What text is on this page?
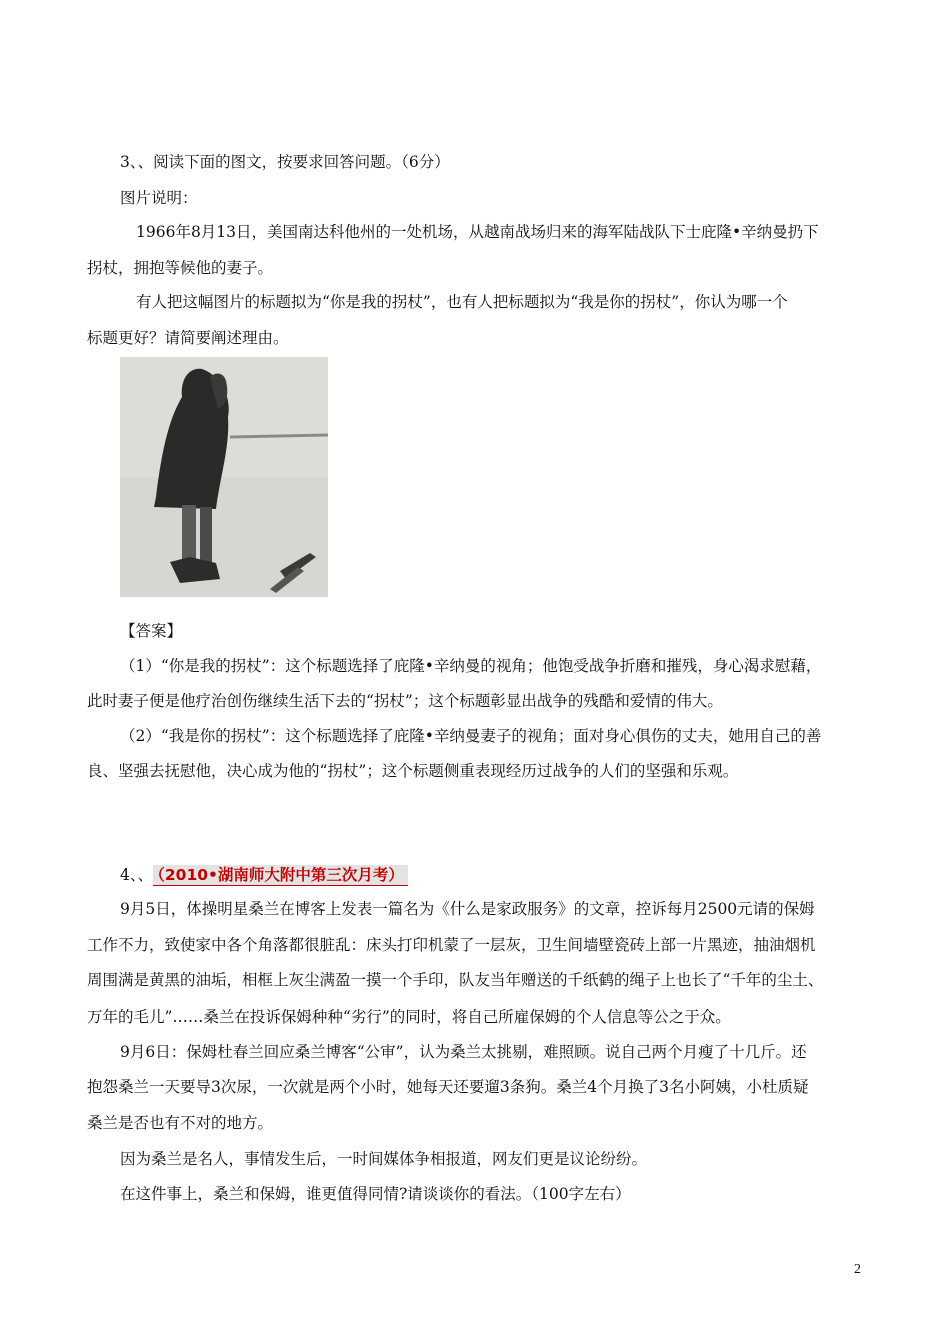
3、、阅读下面的图文，按要求回答问题。（6分）
图片说明：
1966年8月13日，美国南达科他州的一处机场，从越南战场归来的海军陆战队下士庇隆•辛纳曼扔下
拐杖，拥抱等候他的妻子。
有人把这幅图片的标题拟为“你是我的拐杖”，也有人把标题拟为“我是你的拐杖”，你认为哪一个
标题更好？请简要阐述理由。
【答案】
（1）“你是我的拐杖”：这个标题选择了庇隆•辛纳曼的视角；他饱受战争折磨和摧残，身心渴求慰藉，
此时妻子便是他疗治创伤继续生活下去的“拐杖”；这个标题彰显出战争的残酷和爱情的伟大。
（2）“我是你的拐杖”：这个标题选择了庇隆•辛纳曼妻子的视角；面对身心俱伤的丈夫，她用自己的善
良、坚强去抚慰他，决心成为他的“拐杖”；这个标题侧重表现经历过战争的人们的坚强和乐观。
4、、 （2010•湖南师大附中第三次月考）
9月5日，体操明星桑兰在博客上发表一篇名为《什么是家政服务》的文章，控诉每月2500元请的保姆
工作不力，致使家中各个角落都很脏乱：床头打印机蒙了一层灰，卫生间墙壁瓷砖上部一片黑迹，抽油烟机
周围满是黄黑的油垢，相框上灰尘满盈一摸一个手印，队友当年赠送的千纸鹤的绳子上也长了“千年的尘土、
万年的毛儿”……桑兰在投诉保姆种种“劣行”的同时，将自己所雇保姆的个人信息等公之于众。
9月6日：保姆杜春兰回应桑兰博客“公审”，认为桑兰太挑剔，难照顾。说自己两个月瘦了十几斤。还
抱怨桑兰一天要导3次尿，一次就是两个小时，她每天还要遛3条狗。桑兰4个月换了3名小阿姨，小杜质疑
桑兰是否也有不对的地方。
因为桑兰是名人，事情发生后，一时间媒体争相报道，网友们更是议论纷纷。
在这件事上，桑兰和保姆，谁更值得同情?请谈谈你的看法。（100字左右）
2
